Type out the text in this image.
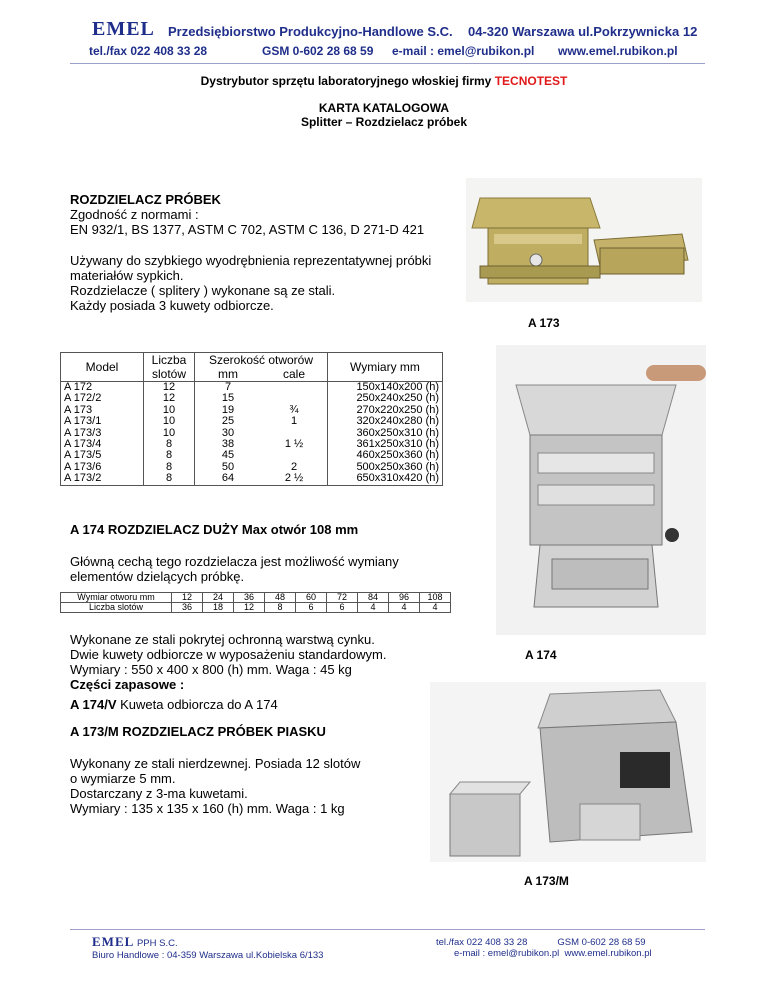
EMEL Przedsiębiorstwo Produkcyjno-Handlowe S.C. 04-320 Warszawa ul.Pokrzywnicka 12
tel./fax 022 408 33 28	GSM 0-602 28 68 59 e-mail : emel@rubikon.pl www.emel.rubikon.pl
Dystrybutor sprzętu laboratoryjnego włoskiej firmy TECNOTEST
KARTA KATALOGOWA
Splitter – Rozdzielacz próbek

ROZDZIELACZ PRÓBEK

Zgodność z normami :

EN 932/1, BS 1377, ASTM C 702, ASTM C 136, D 271-D 421

Używany do szybkiego wyodrębnienia reprezentatywnej próbki

materiałów sypkich.

Rozdzielacze ( splitery ) wykonane są ze stali.

Każdy posiada 3 kuwety odbiorcze.

A 173
Model	Liczba	Szerokość otworów		Wymiary mm
	slotów	mm	cale	
A 172	12	7		150x140x200 (h)
A 172/2	12	15		250x240x250 (h)
A 173	10	19	¾	270x220x250 (h)
A 173/1	10	25	1	320x240x280 (h)
A 173/3	10	30		360x250x310 (h)
A 173/4	8	38	1 ½	361x250x310 (h)
A 173/5	8	45		460x250x360 (h)
A 173/6	8	50	2	500x250x360 (h)
A 173/2	8	64	2 ½	650x310x420 (h)

A 174 ROZDZIELACZ DUŻY Max otwór 108 mm

Główną cechą tego rozdzielacza jest możliwość wymiany

elementów dzielących próbkę.

Wymiar otworu mm	12	24	36	48	60	72	84	96	108
Liczba slotów	36	18	12	8	6	6	4	4	4

Wykonane ze stali pokrytej ochronną warstwą cynku.

Dwie kuwety odbiorcze w wyposażeniu standardowym.

Wymiary : 550 x 400 x 800 (h) mm. Waga : 45 kg

Części zapasowe :

A 174

A 174/V Kuweta odbiorcza do A 174

A 173/M ROZDZIELACZ PRÓBEK PIASKU

Wykonany ze stali nierdzewnej. Posiada 12 slotów

o wymiarze 5 mm.

Dostarczany z 3-ma kuwetami.

Wymiary : 135 x 135 x 160 (h) mm. Waga : 1 kg

A 173/M
EMEL PPH S.C.
Biuro Handlowe : 04-359 Warszawa ul.Kobielska 6/133
tel./fax 022 408 33 28	GSM 0-602 28 68 59
e-mail : emel@rubikon.pl www.emel.rubikon.pl
